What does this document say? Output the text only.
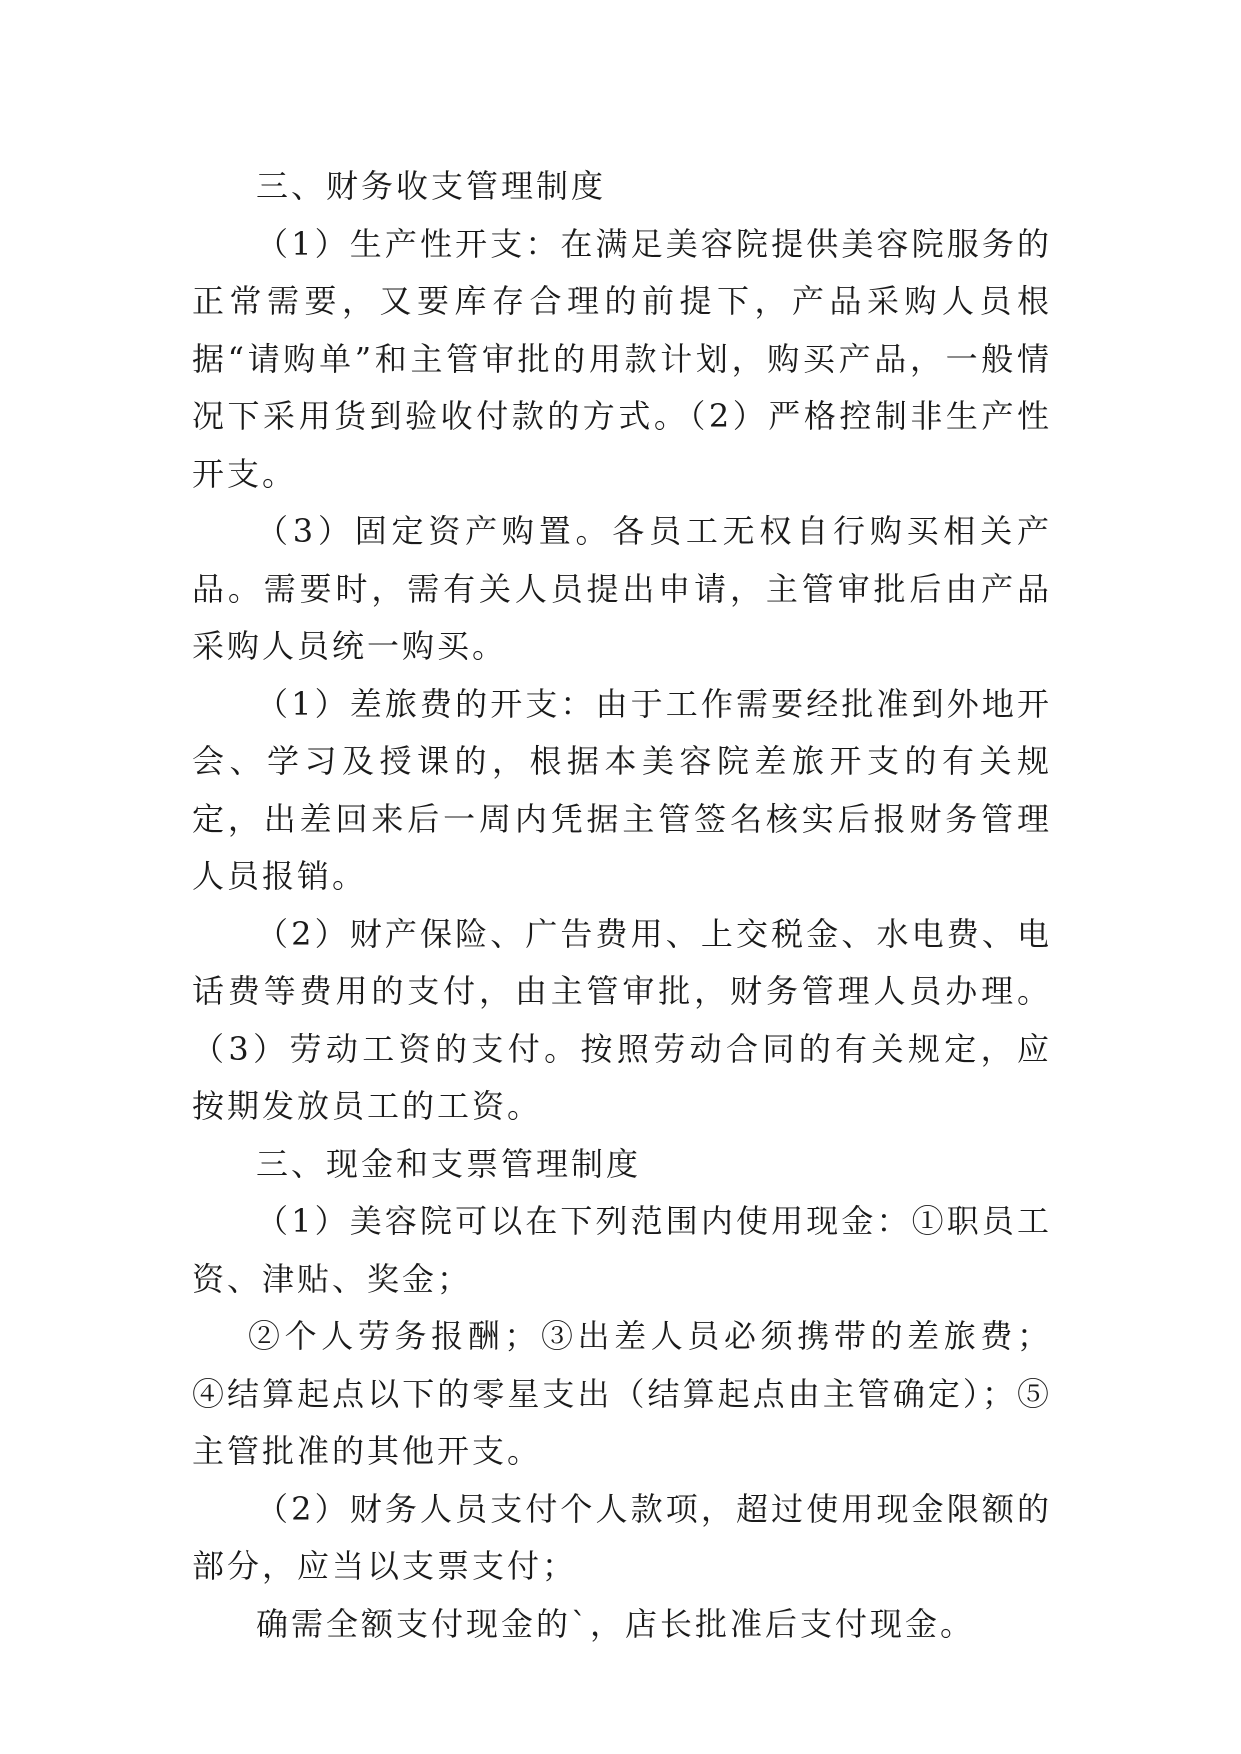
三、财务收支管理制度

（1）生产性开支：在满足美容院提供美容院服务的正常需要，又要库存合理的前提下，产品采购人员根据“请购单”和主管审批的用款计划，购买产品，一般情况下采用货到验收付款的方式。（2）严格控制非生产性开支。

（3）固定资产购置。各员工无权自行购买相关产品。需要时，需有关人员提出申请，主管审批后由产品采购人员统一购买。

（1）差旅费的开支：由于工作需要经批准到外地开会、学习及授课的，根据本美容院差旅开支的有关规定，出差回来后一周内凭据主管签名核实后报财务管理人员报销。

（2）财产保险、广告费用、上交税金、水电费、电话费等费用的支付，由主管审批，财务管理人员办理。（3）劳动工资的支付。按照劳动合同的有关规定，应按期发放员工的工资。

三、现金和支票管理制度

（1）美容院可以在下列范围内使用现金：①职员工资、津贴、奖金；

②个人劳务报酬；③出差人员必须携带的差旅费；④结算起点以下的零星支出（结算起点由主管确定）；⑤主管批准的其他开支。

（2）财务人员支付个人款项，超过使用现金限额的部分，应当以支票支付；

确需全额支付现金的`，店长批准后支付现金。
